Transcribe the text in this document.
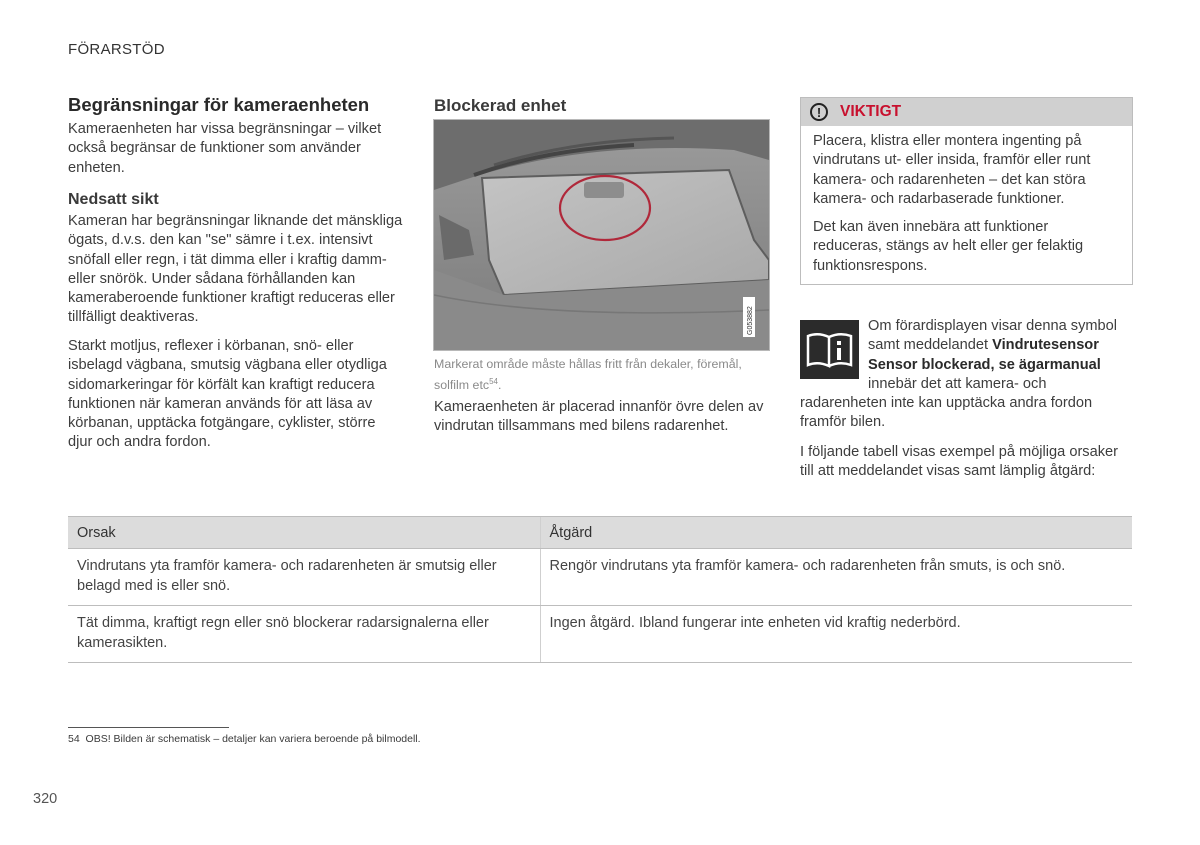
FÖRARSTÖD
Begränsningar för kameraenheten

Kameraenheten har vissa begränsningar – vilket också begränsar de funktioner som använder enheten.

Nedsatt sikt

Kameran har begränsningar liknande det mänskliga ögats, d.v.s. den kan "se" sämre i t.ex. intensivt snöfall eller regn, i tät dimma eller i kraftig damm- eller snörök. Under sådana förhållanden kan kameraberoende funktioner kraftigt reduceras eller tillfälligt deaktiveras.

Starkt motljus, reflexer i körbanan, snö- eller isbelagd vägbana, smutsig vägbana eller otydliga sidomarkeringar för körfält kan kraftigt reducera funktionen när kameran används för att läsa av körbanan, upptäcka fotgängare, cyklister, större djur och andra fordon.

Blockerad enhet
G053882

Markerat område måste hållas fritt från dekaler, föremål, solfilm etc$^{54}$.

Kameraenheten är placerad innanför övre delen av vindrutan tillsammans med bilens radarenhet.

!	VIKTIGT

Placera, klistra eller montera ingenting på vindrutans ut- eller insida, framför eller runt kamera- och radarenheten – det kan störa kamera- och radarbaserade funktioner.

Det kan även innebära att funktioner reduceras, stängs av helt eller ger felaktig funktionsrespons.

Om förardisplayen visar denna symbol samt meddelandet Vindrutesensor Sensor blockerad, se ägarmanual innebär det att kamera- och radarenheten inte kan upptäcka andra fordon framför bilen.

I följande tabell visas exempel på möjliga orsaker till att meddelandet visas samt lämplig åtgärd:

Orsak	Åtgärd
Vindrutans yta framför kamera- och radarenheten är smutsig eller belagd med is eller snö.	Rengör vindrutans yta framför kamera- och radarenheten från smuts, is och snö.
Tät dimma, kraftigt regn eller snö blockerar radarsignalerna eller kamerasikten.	Ingen åtgärd. Ibland fungerar inte enheten vid kraftig nederbörd.
54 OBS! Bilden är schematisk – detaljer kan variera beroende på bilmodell.
320
